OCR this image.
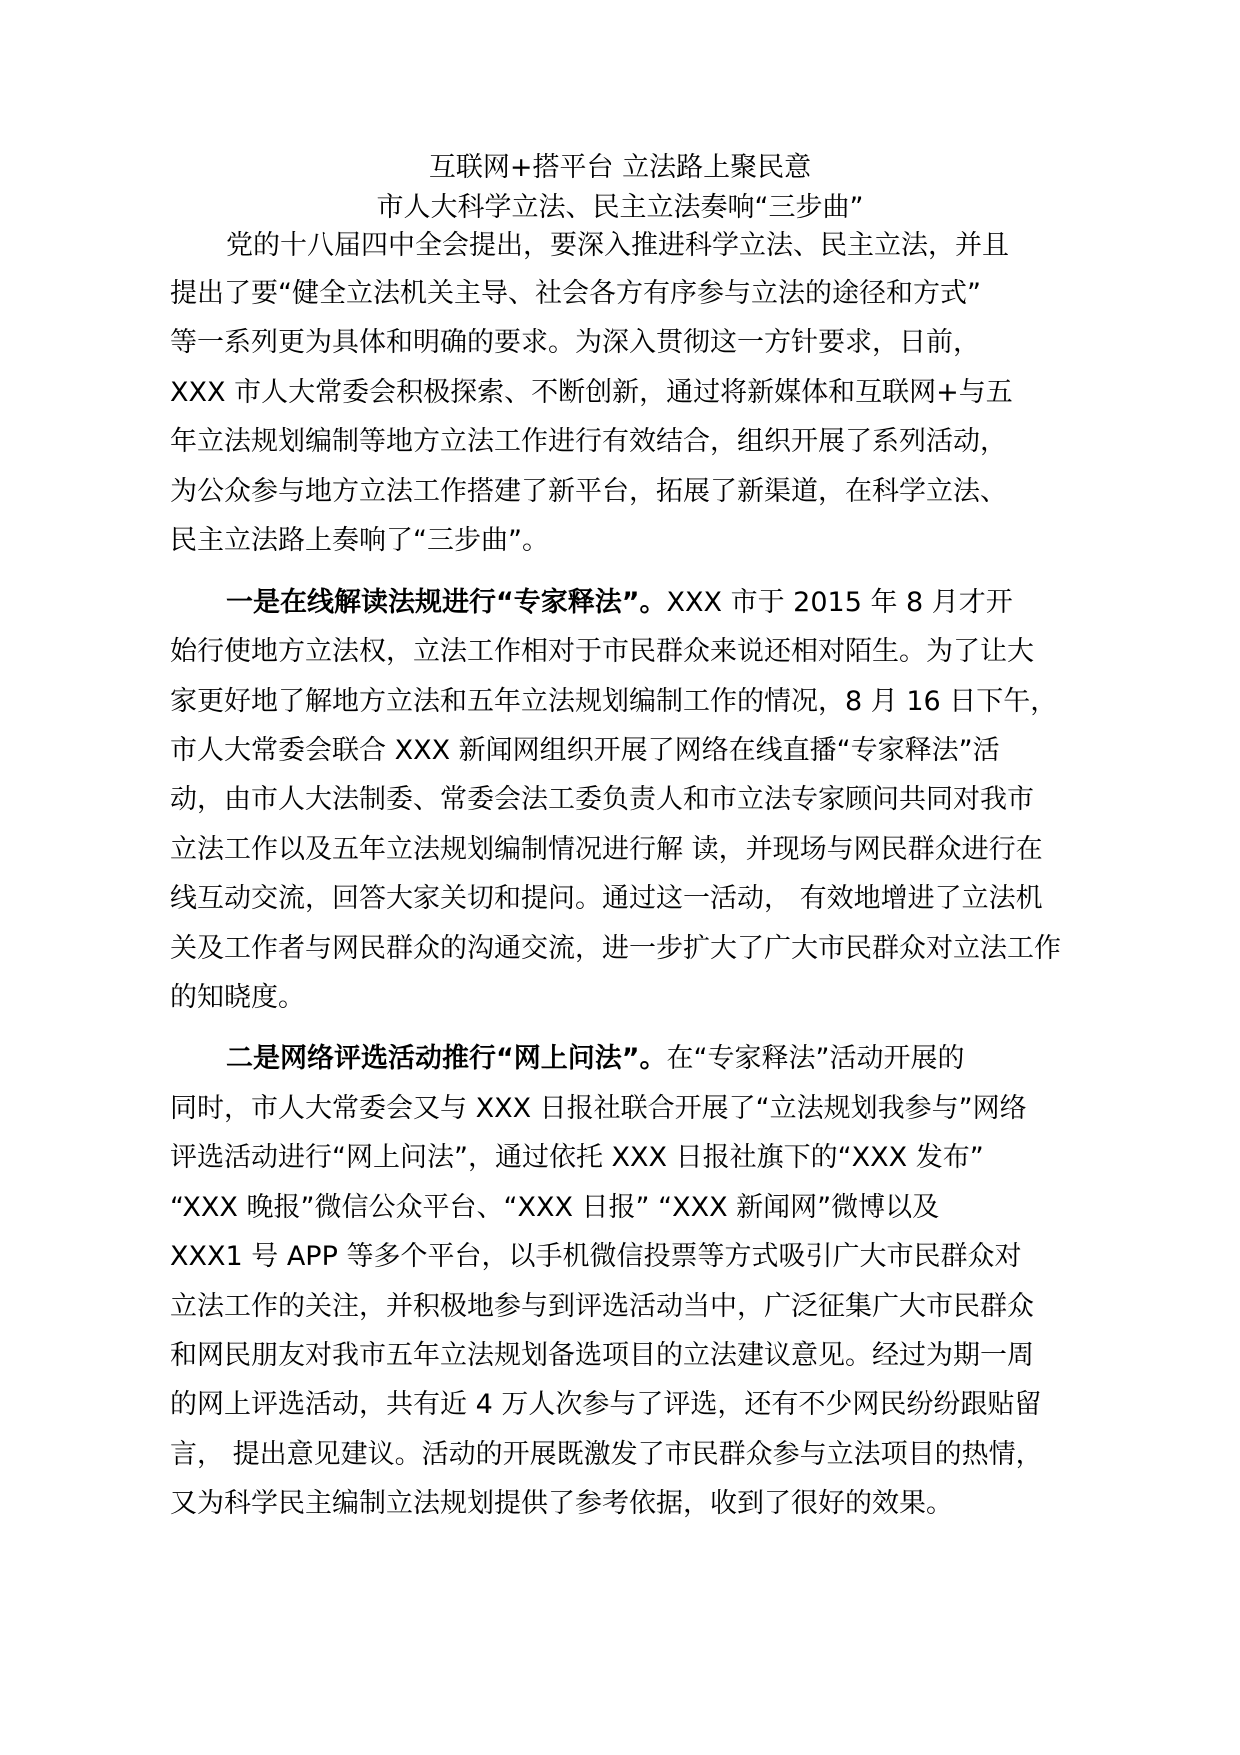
互联网+搭平台 立法路上聚民意
市人大科学立法、民主立法奏响“三步曲”
党的十八届四中全会提出，要深入推进科学立法、民主立法，并且
提出了要“健全立法机关主导、社会各方有序参与立法的途径和方式”
等一系列更为具体和明确的要求。为深入贯彻这一方针要求，日前，
XXX 市人大常委会积极探索、不断创新，通过将新媒体和互联网+与五
年立法规划编制等地方立法工作进行有效结合，组织开展了系列活动，
为公众参与地方立法工作搭建了新平台，拓展了新渠道，在科学立法、
民主立法路上奏响了“三步曲”。
一是在线解读法规进行“专家释法”。XXX 市于 2015 年 8 月才开
始行使地方立法权，立法工作相对于市民群众来说还相对陌生。为了让大
家更好地了解地方立法和五年立法规划编制工作的情况，8 月 16 日下午，
市人大常委会联合 XXX 新闻网组织开展了网络在线直播“专家释法”活
动，由市人大法制委、常委会法工委负责人和市立法专家顾问共同对我市
立法工作以及五年立法规划编制情况进行解 读，并现场与网民群众进行在
线互动交流，回答大家关切和提问。通过这一活动， 有效地增进了立法机
关及工作者与网民群众的沟通交流，进一步扩大了广大市民群众对立法工作
的知晓度。
二是网络评选活动推行“网上问法”。在“专家释法”活动开展的
同时，市人大常委会又与 XXX 日报社联合开展了“立法规划我参与”网络
评选活动进行“网上问法”，通过依托 XXX 日报社旗下的“XXX 发布”
“XXX 晚报”微信公众平台、“XXX 日报” “XXX 新闻网”微博以及
XXX1 号 APP 等多个平台，以手机微信投票等方式吸引广大市民群众对
立法工作的关注，并积极地参与到评选活动当中，广泛征集广大市民群众
和网民朋友对我市五年立法规划备选项目的立法建议意见。经过为期一周
的网上评选活动，共有近 4 万人次参与了评选，还有不少网民纷纷跟贴留
言， 提出意见建议。活动的开展既激发了市民群众参与立法项目的热情，
又为科学民主编制立法规划提供了参考依据，收到了很好的效果。
